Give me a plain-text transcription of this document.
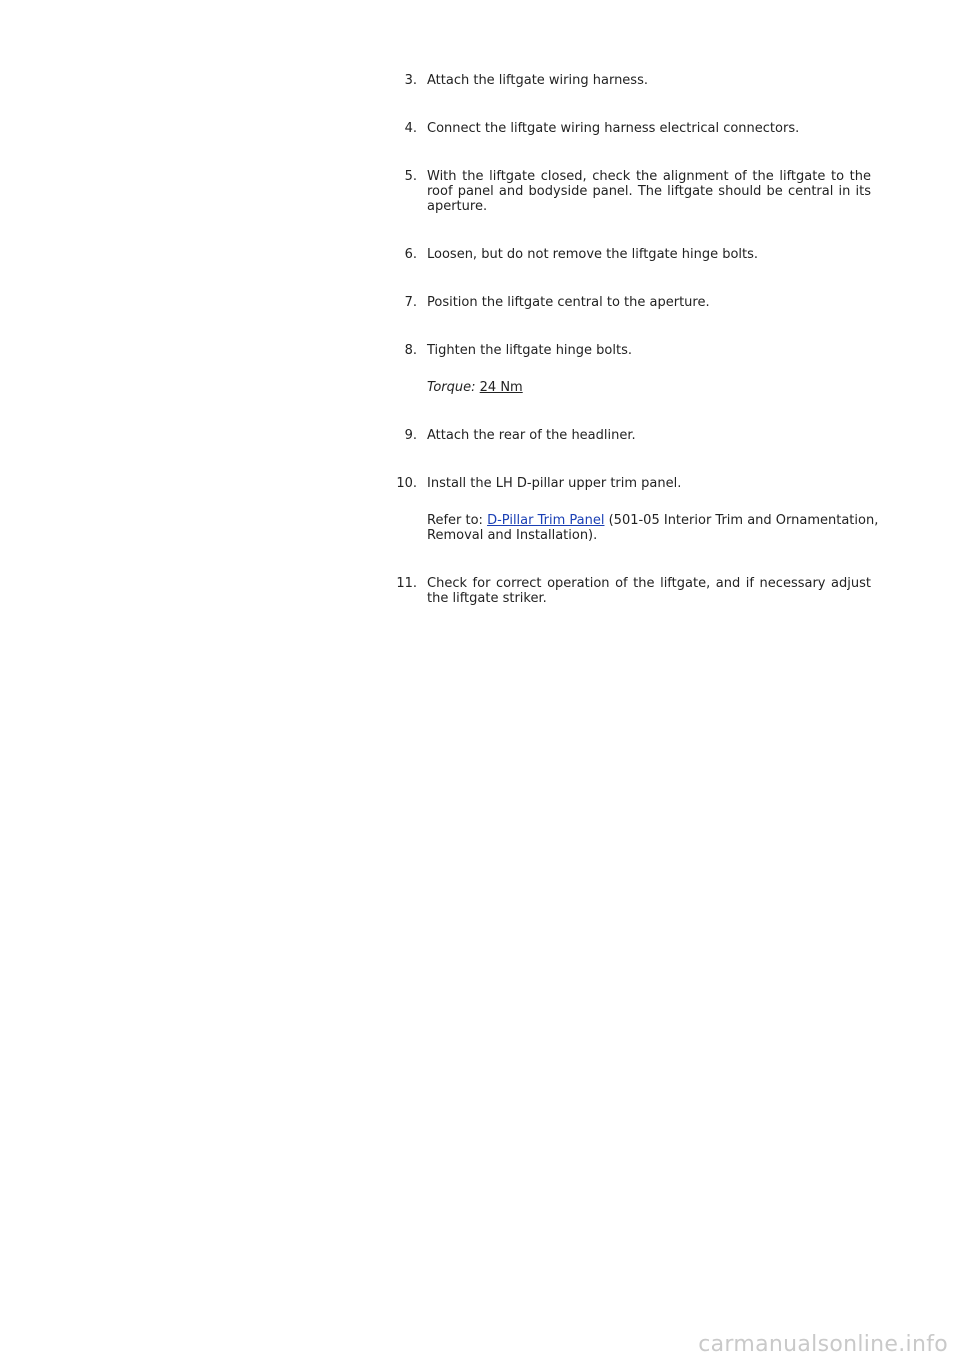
3. Attach the liftgate wiring harness.
4. Connect the liftgate wiring harness electrical connectors.
5. With the liftgate closed, check the alignment of the liftgate to the roof panel and bodyside panel. The liftgate should be central in its aperture.
6. Loosen, but do not remove the liftgate hinge bolts.
7. Position the liftgate central to the aperture.
8. Tighten the liftgate hinge bolts.
Torque: 24 Nm
9. Attach the rear of the headliner.
10. Install the LH D-pillar upper trim panel.
Refer to: D-Pillar Trim Panel (501-05 Interior Trim and Ornamentation, Removal and Installation).
11. Check for correct operation of the liftgate, and if necessary adjust the liftgate striker.
carmanualsonline.info
